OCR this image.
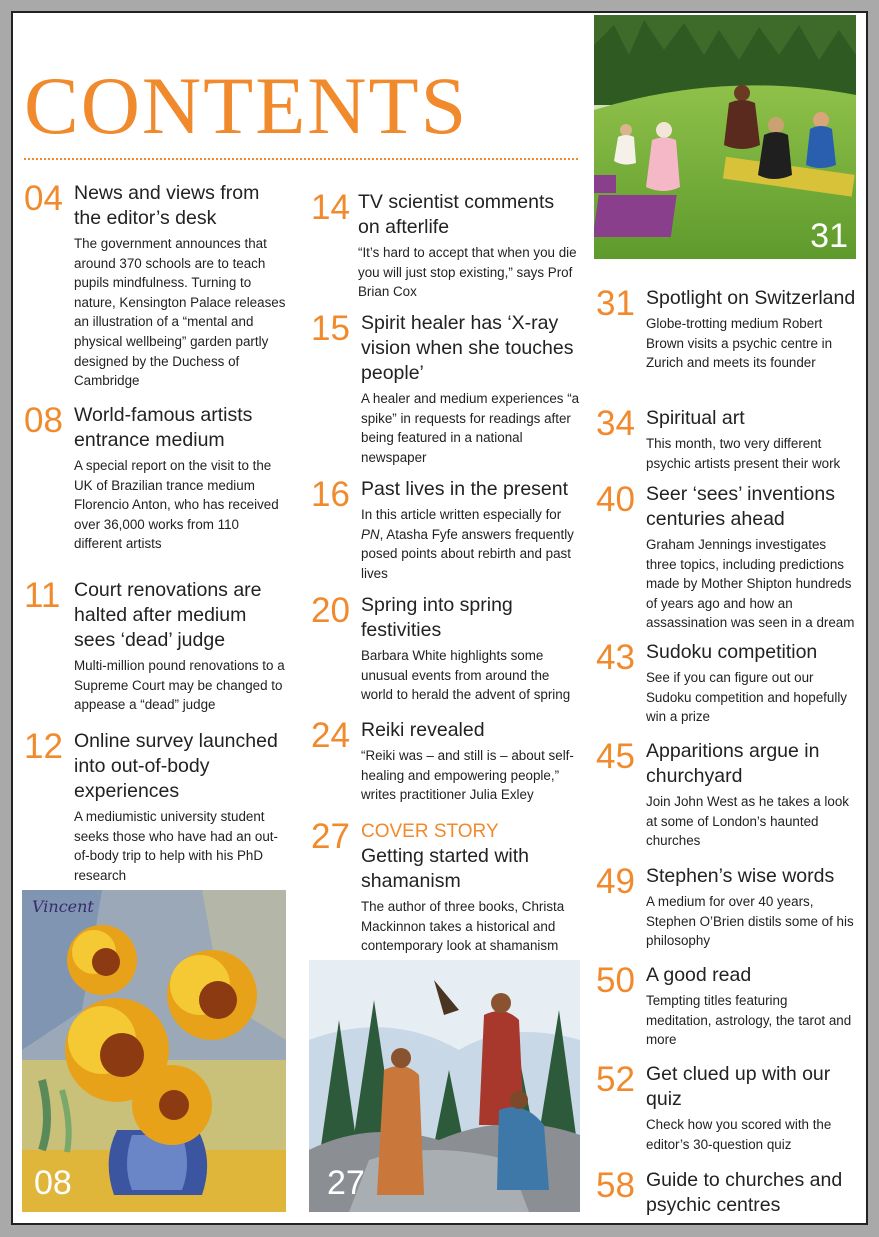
CONTENTS
04 News and views from the editor’s desk
The government announces that around 370 schools are to teach pupils mindfulness. Turning to nature, Kensington Palace releases an illustration of a “mental and physical wellbeing” garden partly designed by the Duchess of Cambridge
08 World-famous artists entrance medium
A special report on the visit to the UK of Brazilian trance medium Florencio Anton, who has received over 36,000 works from 110 different artists
11 Court renovations are halted after medium sees ‘dead’ judge
Multi-million pound renovations to a Supreme Court may be changed to appease a “dead” judge
12 Online survey launched into out-of-body experiences
A mediumistic university student seeks those who have had an out-of-body trip to help with his PhD research
14 TV scientist comments on afterlife
“It’s hard to accept that when you die you will just stop existing,” says Prof Brian Cox
15 Spirit healer has ‘X-ray vision when she touches people’
A healer and medium experiences “a spike” in requests for readings after being featured in a national newspaper
16 Past lives in the present
In this article written especially for PN, Atasha Fyfe answers frequently posed points about rebirth and past lives
20 Spring into spring festivities
Barbara White highlights some unusual events from around the world to herald the advent of spring
24 Reiki revealed
“Reiki was – and still is – about self-healing and empowering people,” writes practitioner Julia Exley
27 COVER STORY
Getting started with shamanism
The author of three books, Christa Mackinnon takes a historical and contemporary look at shamanism
31 Spotlight on Switzerland
Globe-trotting medium Robert Brown visits a psychic centre in Zurich and meets its founder
34 Spiritual art
This month, two very different psychic artists present their work
40 Seer ‘sees’ inventions centuries ahead
Graham Jennings investigates three topics, including predictions made by Mother Shipton hundreds of years ago and how an assassination was seen in a dream
43 Sudoku competition
See if you can figure out our Sudoku competition and hopefully win a prize
45 Apparitions argue in churchyard
Join John West as he takes a look at some of London’s haunted churches
49 Stephen’s wise words
A medium for over 40 years, Stephen O’Brien distils some of his philosophy
50 A good read
Tempting titles featuring meditation, astrology, the tarot and more
52 Get clued up with our quiz
Check how you scored with the editor’s 30-question quiz
58 Guide to churches and psychic centres
31
Vincent
08	27
